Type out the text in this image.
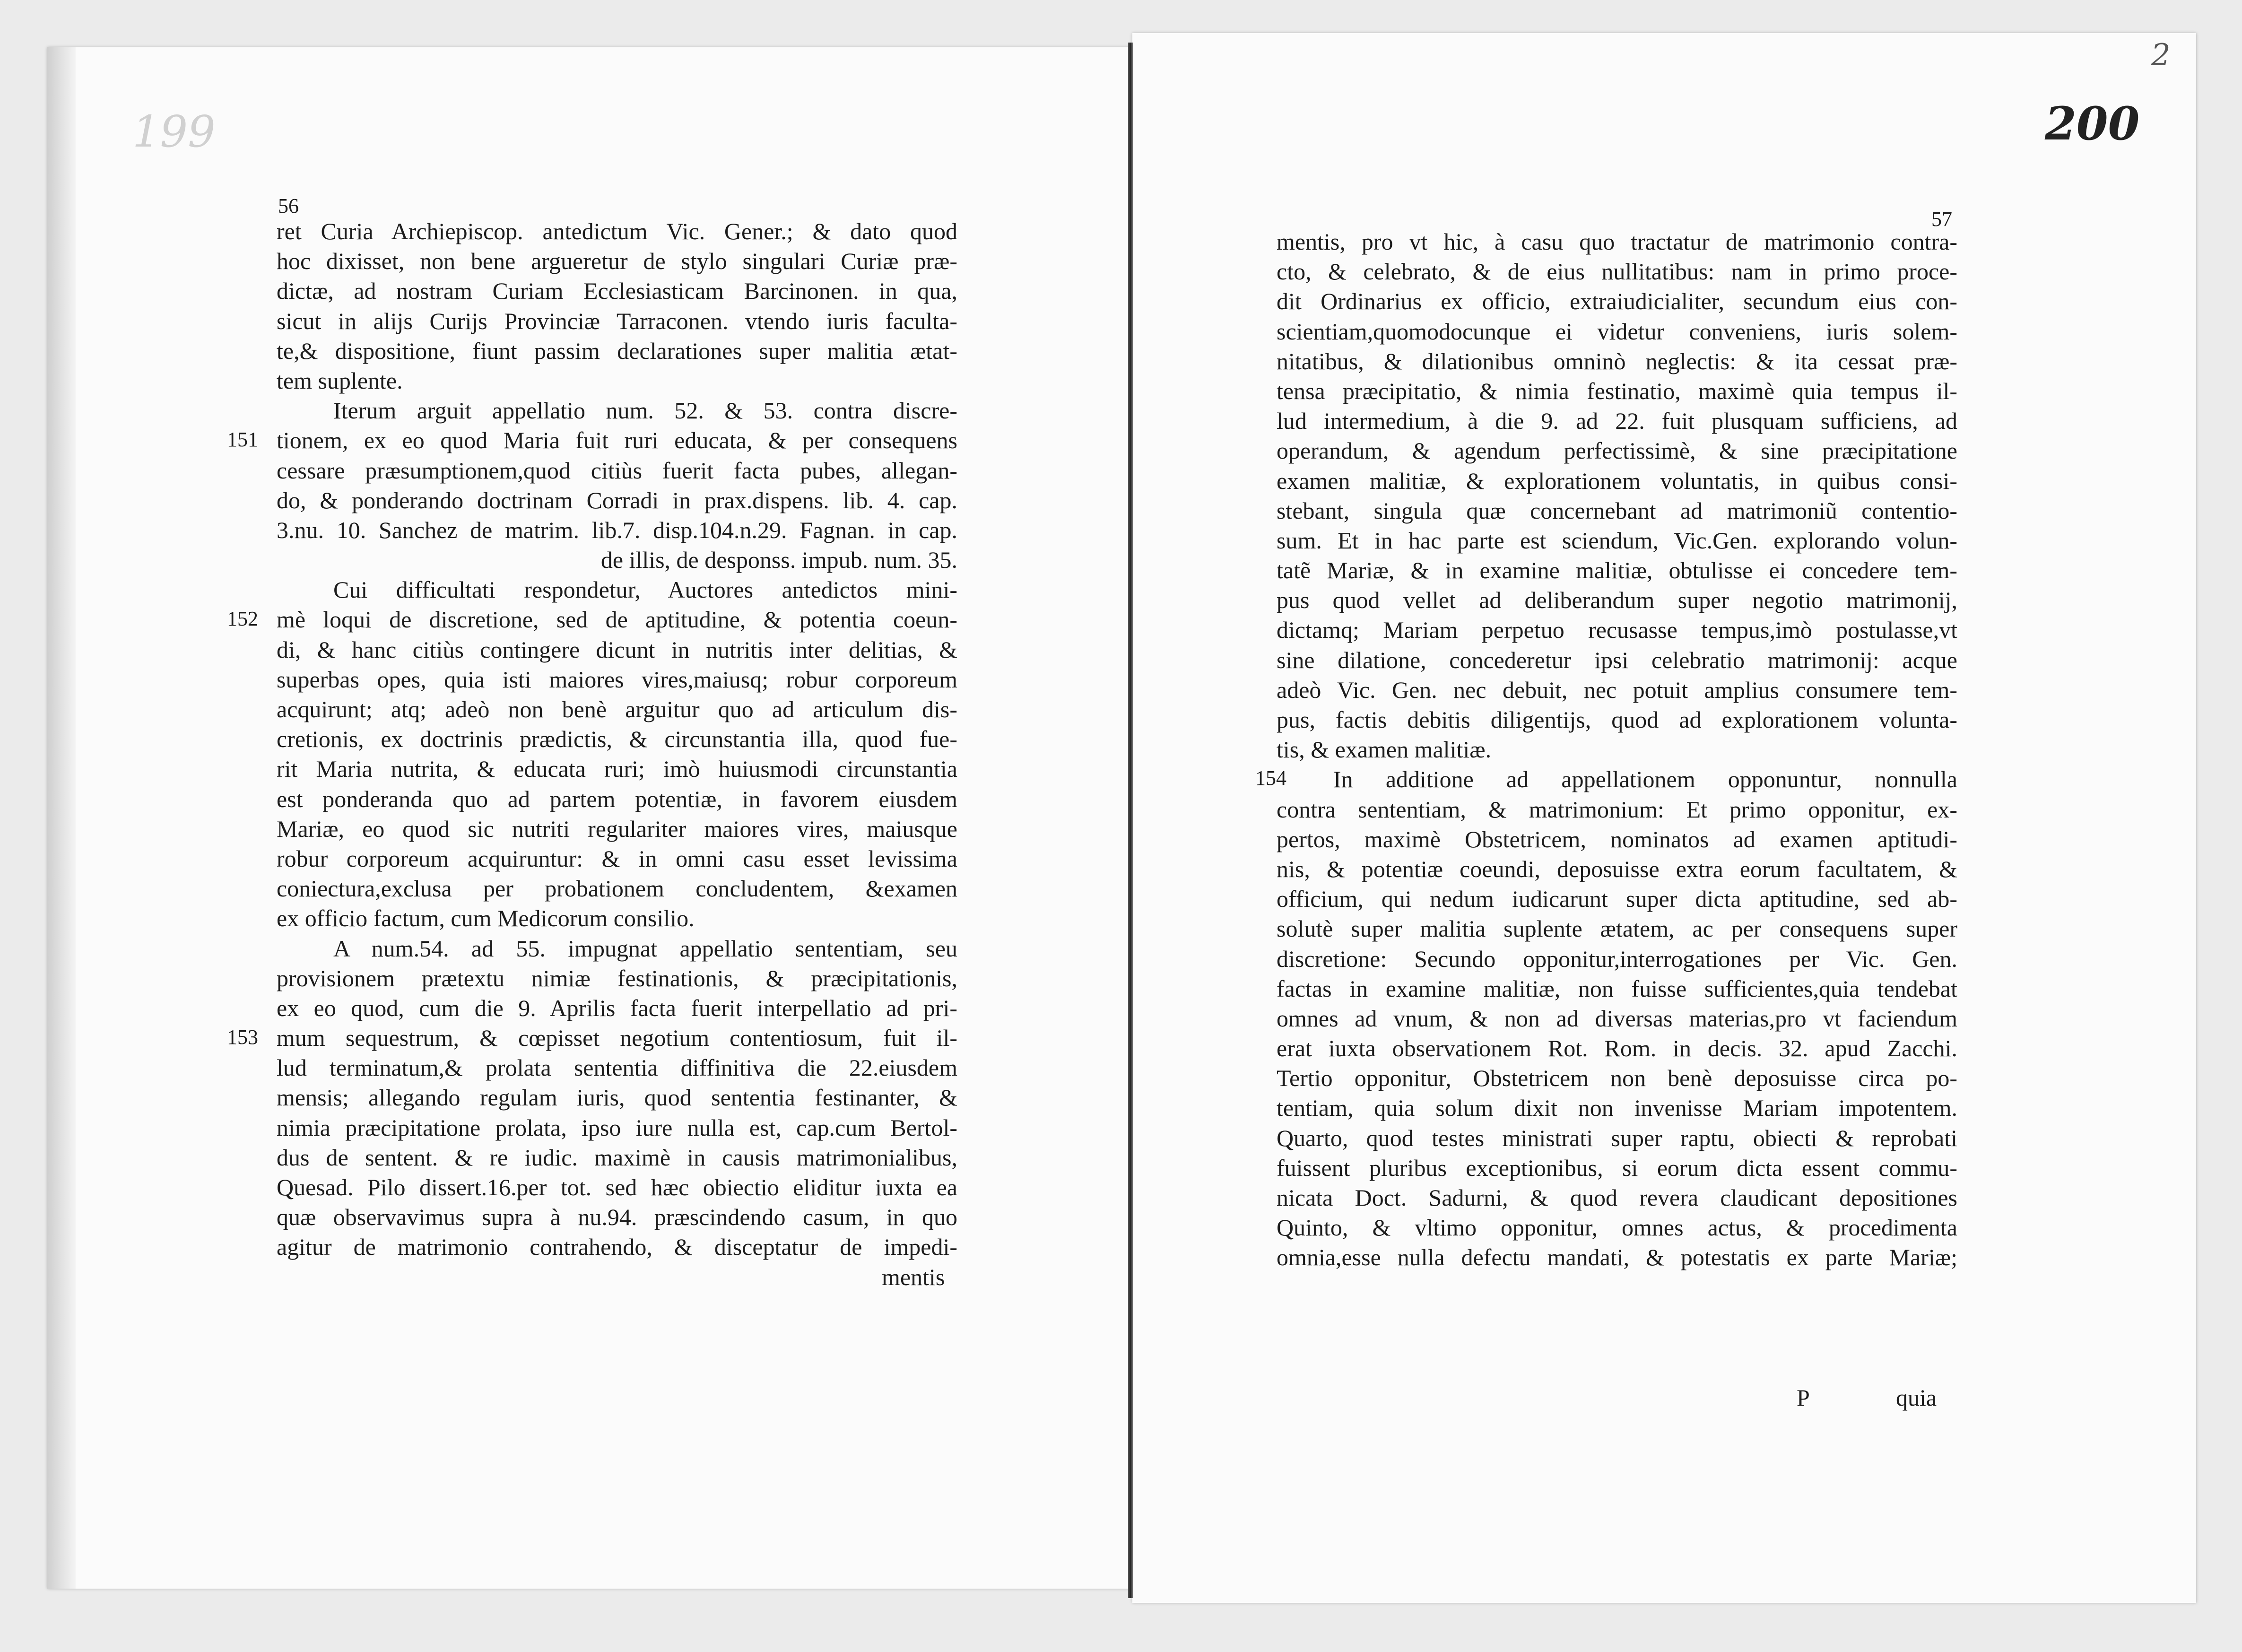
199	200
2
56
57
151
152
153
154
ret Curia Archiepiscop. antedictum Vic. Gener.; & dato quod
hoc dixisset, non bene argueretur de stylo singulari Curiæ præ-
dictæ, ad nostram Curiam Ecclesiasticam Barcinonen. in qua,
sicut in alijs Curijs Provinciæ Tarraconen. vtendo iuris faculta-
te,& dispositione, fiunt passim declarationes super malitia ætat-
tem suplente.
Iterum arguit appellatio num. 52. & 53. contra discre-
tionem, ex eo quod Maria fuit ruri educata, & per consequens
cessare præsumptionem,quod citiùs fuerit facta pubes, allegan-
do, & ponderando doctrinam Corradi in prax.dispens. lib. 4. cap.
3.nu. 10. Sanchez de matrim. lib.7. disp.104.n.29. Fagnan. in cap.
de illis, de desponss. impub. num. 35.
Cui difficultati respondetur, Auctores antedictos mini-
mè loqui de discretione, sed de aptitudine, & potentia coeun-
di, & hanc citiùs contingere dicunt in nutritis inter delitias, &
superbas opes, quia isti maiores vires,maiusq; robur corporeum
acquirunt; atq; adeò non benè arguitur quo ad articulum dis-
cretionis, ex doctrinis prædictis, & circunstantia illa, quod fue-
rit Maria nutrita, & educata ruri; imò huiusmodi circunstantia
est ponderanda quo ad partem potentiæ, in favorem eiusdem
Mariæ, eo quod sic nutriti regulariter maiores vires, maiusque
robur corporeum acquiruntur: & in omni casu esset levissima
coniectura,exclusa per probationem concludentem, &examen
ex officio factum, cum Medicorum consilio.
A num.54. ad 55. impugnat appellatio sententiam, seu
provisionem prætextu nimiæ festinationis, & præcipitationis,
ex eo quod, cum die 9. Aprilis facta fuerit interpellatio ad pri-
mum sequestrum, & cœpisset negotium contentiosum, fuit il-
lud terminatum,& prolata sententia diffinitiva die 22.eiusdem
mensis; allegando regulam iuris, quod sententia festinanter, &
nimia præcipitatione prolata, ipso iure nulla est, cap.cum Bertol-
dus de sentent. & re iudic. maximè in causis matrimonialibus,
Quesad. Pilo dissert.16.per tot. sed hæc obiectio eliditur iuxta ea
quæ observavimus supra à nu.94. præscindendo casum, in quo
agitur de matrimonio contrahendo, & disceptatur de impedi-
mentis
mentis, pro vt hic, à casu quo tractatur de matrimonio contra-
cto, & celebrato, & de eius nullitatibus: nam in primo proce-
dit Ordinarius ex officio, extraiudicialiter, secundum eius con-
scientiam,quomodocunque ei videtur conveniens, iuris solem-
nitatibus, & dilationibus omninò neglectis: & ita cessat præ-
tensa præcipitatio, & nimia festinatio, maximè quia tempus il-
lud intermedium, à die 9. ad 22. fuit plusquam sufficiens, ad
operandum, & agendum perfectissimè, & sine præcipitatione
examen malitiæ, & explorationem voluntatis, in quibus consi-
stebant, singula quæ concernebant ad matrimoniũ contentio-
sum. Et in hac parte est sciendum, Vic.Gen. explorando volun-
tatẽ Mariæ, & in examine malitiæ, obtulisse ei concedere tem-
pus quod vellet ad deliberandum super negotio matrimonij,
dictamq; Mariam perpetuo recusasse tempus,imò postulasse,vt
sine dilatione, concederetur ipsi celebratio matrimonij: acque
adeò Vic. Gen. nec debuit, nec potuit amplius consumere tem-
pus, factis debitis diligentijs, quod ad explorationem volunta-
tis, & examen malitiæ.
In additione ad appellationem opponuntur, nonnulla
contra sententiam, & matrimonium: Et primo opponitur, ex-
pertos, maximè Obstetricem, nominatos ad examen aptitudi-
nis, & potentiæ coeundi, deposuisse extra eorum facultatem, &
officium, qui nedum iudicarunt super dicta aptitudine, sed ab-
solutè super malitia suplente ætatem, ac per consequens super
discretione: Secundo opponitur,interrogationes per Vic. Gen.
factas in examine malitiæ, non fuisse sufficientes,quia tendebat
omnes ad vnum, & non ad diversas materias,pro vt faciendum
erat iuxta observationem Rot. Rom. in decis. 32. apud Zacchi.
Tertio opponitur, Obstetricem non benè deposuisse circa po-
tentiam, quia solum dixit non invenisse Mariam impotentem.
Quarto, quod testes ministrati super raptu, obiecti & reprobati
fuissent pluribus exceptionibus, si eorum dicta essent commu-
nicata Doct. Sadurni, & quod revera claudicant depositiones
Quinto, & vltimo opponitur, omnes actus, & procedimenta
omnia,esse nulla defectu mandati, & potestatis ex parte Mariæ;
P	quia
